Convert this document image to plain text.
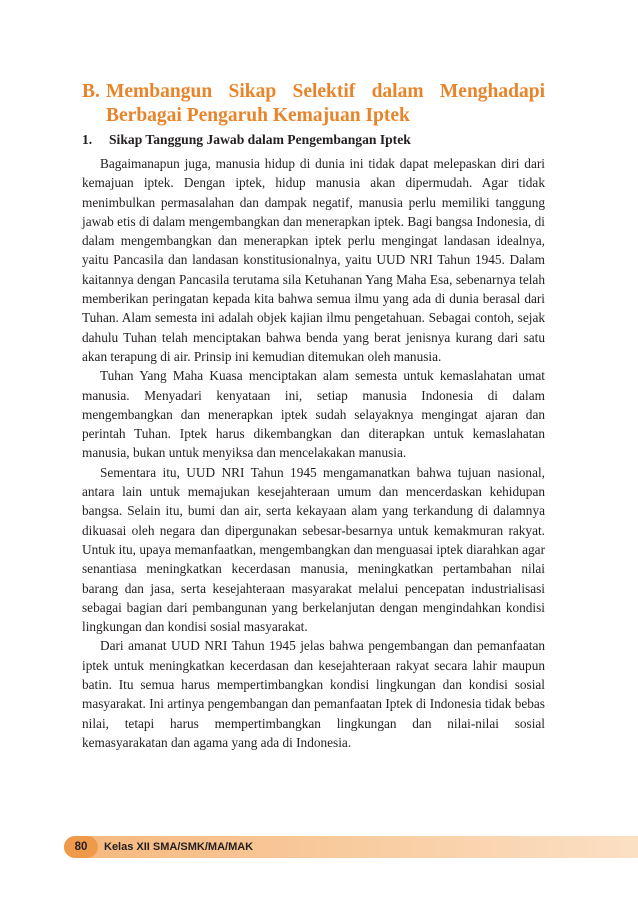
B. Membangun Sikap Selektif dalam Menghadapi
Berbagai Pengaruh Kemajuan Iptek
1. Sikap Tanggung Jawab dalam Pengembangan Iptek

Bagaimanapun juga, manusia hidup di dunia ini tidak dapat melepaskan diri dari kemajuan iptek. Dengan iptek, hidup manusia akan dipermudah. Agar tidak menimbulkan permasalahan dan dampak negatif, manusia perlu memiliki tanggung jawab etis di dalam mengembangkan dan menerapkan iptek. Bagi bangsa Indonesia, di dalam mengembangkan dan menerapkan iptek perlu mengingat landasan idealnya, yaitu Pancasila dan landasan konstitusionalnya, yaitu UUD NRI Tahun 1945. Dalam kaitannya dengan Pancasila terutama sila Ketuhanan Yang Maha Esa, sebenarnya telah memberikan peringatan kepada kita bahwa semua ilmu yang ada di dunia berasal dari Tuhan. Alam semesta ini adalah objek kajian ilmu pengetahuan. Sebagai contoh, sejak dahulu Tuhan telah menciptakan bahwa benda yang berat jenisnya kurang dari satu akan terapung di air. Prinsip ini kemudian ditemukan oleh manusia.

Tuhan Yang Maha Kuasa menciptakan alam semesta untuk kemaslahatan umat manusia. Menyadari kenyataan ini, setiap manusia Indonesia di dalam mengembangkan dan menerapkan iptek sudah selayaknya mengingat ajaran dan perintah Tuhan. Iptek harus dikembangkan dan diterapkan untuk kemaslahatan manusia, bukan untuk menyiksa dan mencelakakan manusia.

Sementara itu, UUD NRI Tahun 1945 mengamanatkan bahwa tujuan nasional, antara lain untuk memajukan kesejahteraan umum dan mencerdaskan kehidupan bangsa. Selain itu, bumi dan air, serta kekayaan alam yang terkandung di dalamnya dikuasai oleh negara dan dipergunakan sebesar-besarnya untuk kemakmuran rakyat. Untuk itu, upaya memanfaatkan, mengembangkan dan menguasai iptek diarahkan agar senantiasa meningkatkan kecerdasan manusia, meningkatkan pertambahan nilai barang dan jasa, serta kesejahteraan masyarakat melalui pencepatan industrialisasi sebagai bagian dari pembangunan yang berkelanjutan dengan mengindahkan kondisi lingkungan dan kondisi sosial masyarakat.

Dari amanat UUD NRI Tahun 1945 jelas bahwa pengembangan dan pemanfaatan iptek untuk meningkatkan kecerdasan dan kesejahteraan rakyat secara lahir maupun batin. Itu semua harus mempertimbangkan kondisi lingkungan dan kondisi sosial masyarakat. Ini artinya pengembangan dan pemanfaatan Iptek di Indonesia tidak bebas nilai, tetapi harus mempertimbangkan lingkungan dan nilai-nilai sosial kemasyarakatan dan agama yang ada di Indonesia.

80	Kelas XII SMA/SMK/MA/MAK
